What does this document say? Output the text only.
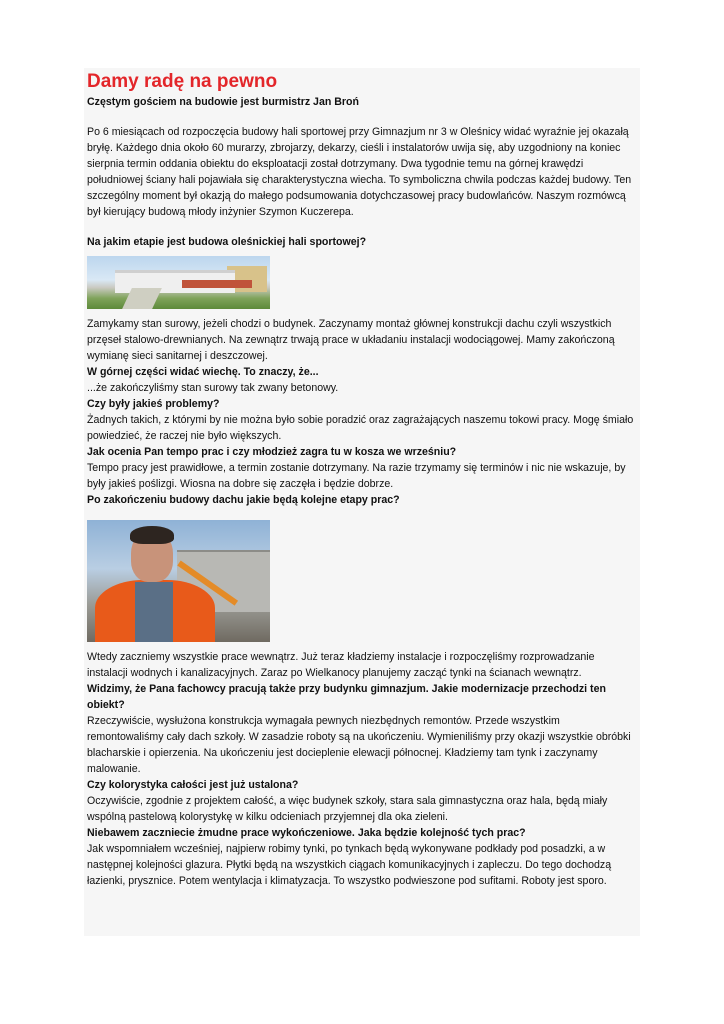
Damy radę na pewno

Częstym gościem na budowie jest burmistrz Jan Broń

Po 6 miesiącach od rozpoczęcia budowy hali sportowej przy Gimnazjum nr 3 w Oleśnicy widać wyraźnie jej okazałą bryłę. Każdego dnia około 60 murarzy, zbrojarzy, dekarzy, cieśli i instalatorów uwija się, aby uzgodniony na koniec sierpnia termin oddania obiektu do eksploatacji został dotrzymany. Dwa tygodnie temu na górnej krawędzi południowej ściany hali pojawiała się charakterystyczna wiecha. To symboliczna chwila podczas każdej budowy. Ten szczególny moment był okazją do małego podsumowania dotychczasowej pracy budowlańców. Naszym rozmówcą był kierujący budową młody inżynier Szymon Kuczerepa.

Na jakim etapie jest budowa oleśnickiej hali sportowej?

Zamykamy stan surowy, jeżeli chodzi o budynek. Zaczynamy montaż głównej konstrukcji dachu czyli wszystkich przęseł stalowo-drewnianych. Na zewnątrz trwają prace w układaniu instalacji wodociągowej. Mamy zakończoną wymianę sieci sanitarnej i deszczowej.

W górnej części widać wiechę. To znaczy, że...

...że zakończyliśmy stan surowy tak zwany betonowy.

Czy były jakieś problemy?

Żadnych takich, z którymi by nie można było sobie poradzić oraz zagrażających naszemu tokowi pracy. Mogę śmiało powiedzieć, że raczej nie było większych.

Jak ocenia Pan tempo prac i czy młodzież zagra tu w kosza we wrześniu?

Tempo pracy jest prawidłowe, a termin zostanie dotrzymany. Na razie trzymamy się terminów i nic nie wskazuje, by były jakieś poślizgi. Wiosna na dobre się zaczęła i będzie dobrze.

Po zakończeniu budowy dachu jakie będą kolejne etapy prac?

Wtedy zaczniemy wszystkie prace wewnątrz. Już teraz kładziemy instalacje i rozpoczęliśmy rozprowadzanie instalacji wodnych i kanalizacyjnych. Zaraz po Wielkanocy planujemy zacząć tynki na ścianach wewnątrz.

Widzimy, że Pana fachowcy pracują także przy budynku gimnazjum. Jakie modernizacje przechodzi ten obiekt?

Rzeczywiście, wysłużona konstrukcja wymagała pewnych niezbędnych remontów. Przede wszystkim remontowaliśmy cały dach szkoły. W zasadzie roboty są na ukończeniu. Wymieniliśmy przy okazji wszystkie obróbki blacharskie i opierzenia. Na ukończeniu jest docieplenie elewacji północnej. Kładziemy tam tynk i zaczynamy malowanie.

Czy kolorystyka całości jest już ustalona?

Oczywiście, zgodnie z projektem całość, a więc budynek szkoły, stara sala gimnastyczna oraz hala, będą miały wspólną pastelową kolorystykę w kilku odcieniach przyjemnej dla oka zieleni.

Niebawem zaczniecie żmudne prace wykończeniowe. Jaka będzie kolejność tych prac?

Jak wspomniałem wcześniej, najpierw robimy tynki, po tynkach będą wykonywane podkłady pod posadzki, a w następnej kolejności glazura. Płytki będą na wszystkich ciągach komunikacyjnych i zapleczu. Do tego dochodzą łazienki, prysznice. Potem wentylacja i klimatyzacja. To wszystko podwieszone pod sufitami. Roboty jest sporo.
